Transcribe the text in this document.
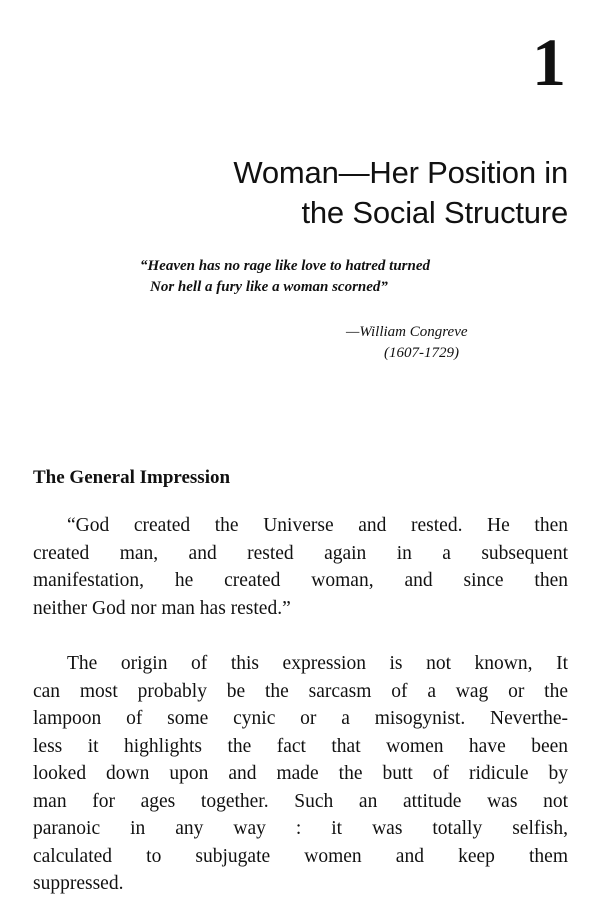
1
Woman—Her Position in
the Social Structure
“Heaven has no rage like love to hatred turned
Nor hell a fury like a woman scorned”
—William Congreve
(1607-1729)
The General Impression

“God created the Universe and rested. He then
created man, and rested again in a subsequent
manifestation, he created woman, and since then
neither God nor man has rested.”

The origin of this expression is not known, It
can most probably be the sarcasm of a wag or the
lampoon of some cynic or a misogynist. Neverthe-
less it highlights the fact that women have been
looked down upon and made the butt of ridicule by
man for ages together. Such an attitude was not
paranoic in any way : it was totally selfish,
calculated to subjugate women and keep them
suppressed.
